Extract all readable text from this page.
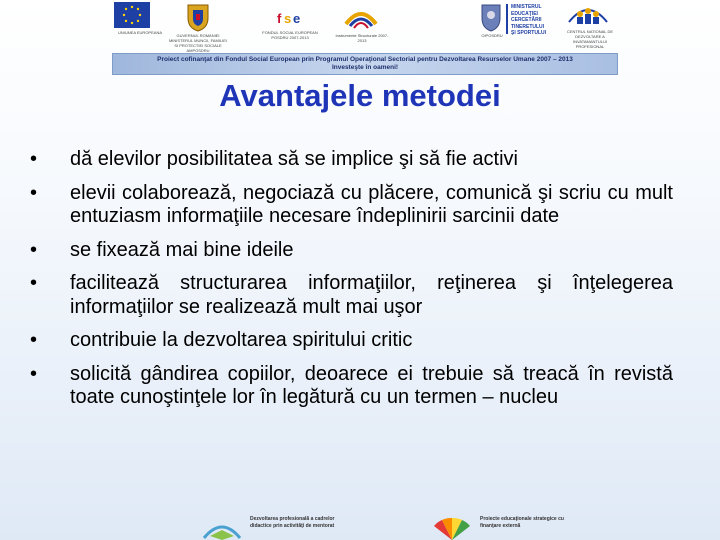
f s e
MINISTERUL
EDUCAŢIEI
CERCETĂRII
TINERETULUI
ŞI SPORTULUI
UNIUNEA EUROPEANA
GUVERNUL ROMANIEI MINISTERUL MUNCII, FAMILIEI SI PROTECTIEI SOCIALE AMPOSDRU
FONDUL SOCIAL EUROPEAN POSDRU 2007-2013	Instrumente Structurale 2007-2013
OIPOSDRU
CENTRUL NATIONAL DE DEZVOLTARE A INVATAMANTULUI PROFESIONAL
Proiect cofinanţat din Fondul Social European prin Programul Operaţional Sectorial pentru Dezvoltarea Resurselor Umane 2007 – 2013
Investeşte în oameni!
Avantajele metodei
• dă elevilor posibilitatea să se implice şi să fie activi
• elevii colaborează, negociază cu plăcere, comunică şi scriu cu mult entuziasm informaţiile necesare îndeplinirii sarcinii date
• se fixează mai bine ideile
• facilitează structurarea informaţiilor, reţinerea şi înţelegerea informaţiilor se realizează mult mai uşor
• contribuie la dezvoltarea spiritului critic
• solicită gândirea copiilor, deoarece ei trebuie să treacă în revistă toate cunoştinţele lor în legătură cu un termen – nucleu
Dezvoltarea profesională a cadrelor didactice prin activităţi de mentorat
Proiecte educaţionale strategice cu finanţare externă
